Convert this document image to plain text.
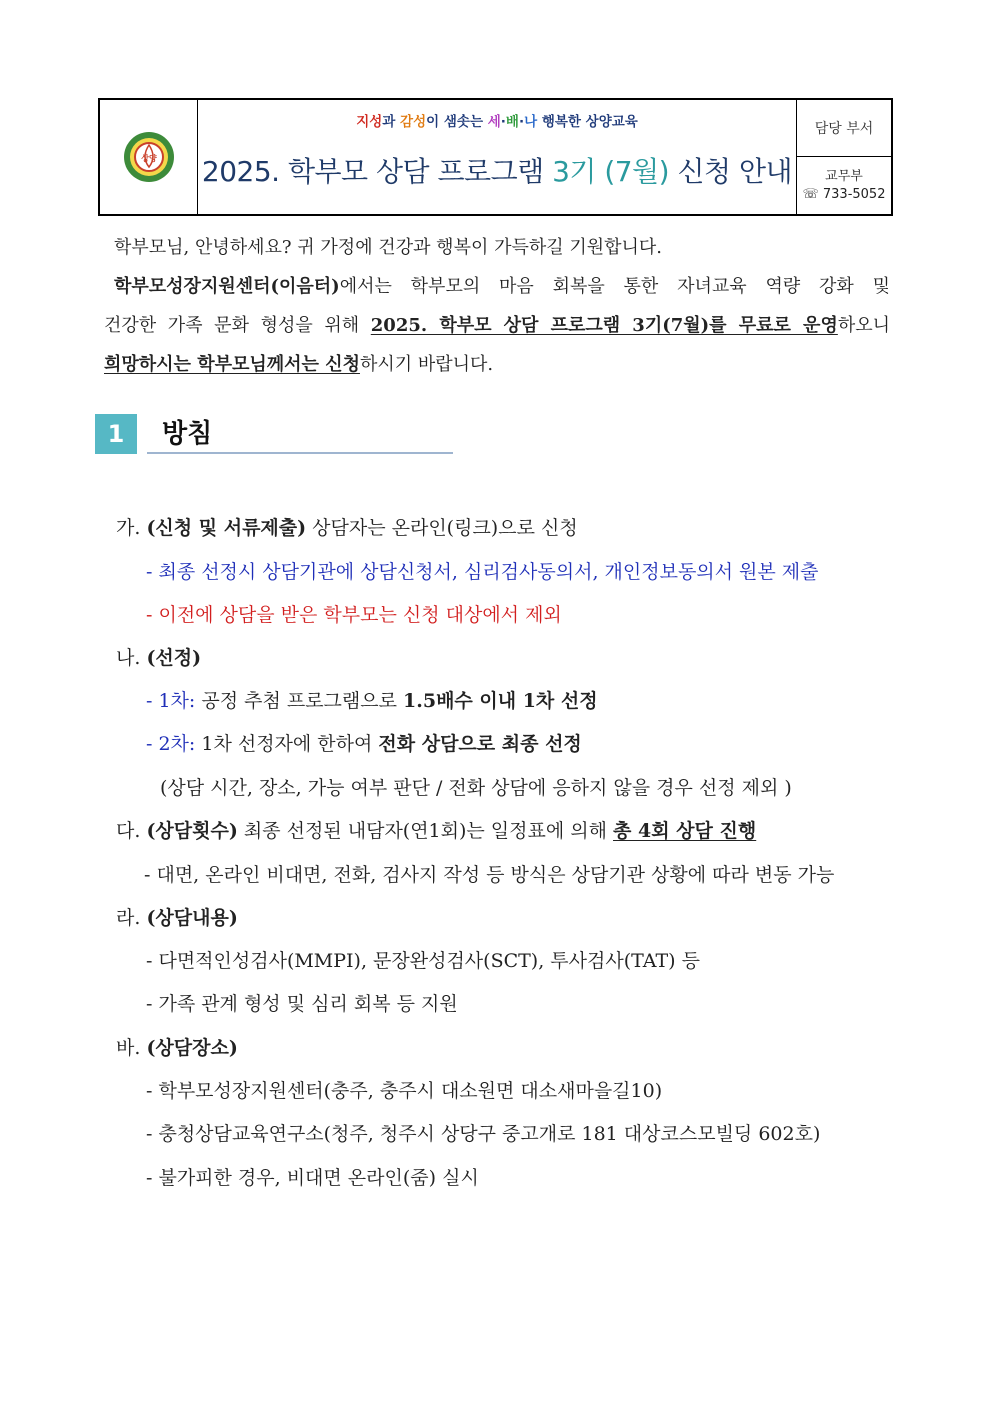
상양
지성과 감성이 샘솟는 세·배·나 행복한 상양교육
2025. 학부모 상담 프로그램 3기 (7월) 신청 안내
담당 부서
교무부
☏ 733-5052

학부모님, 안녕하세요? 귀 가정에 건강과 행복이 가득하길 기원합니다.

학부모성장지원센터(이음터)에서는 학부모의 마음 회복을 통한 자녀교육 역량 강화 및

건강한 가족 문화 형성을 위해 2025. 학부모 상담 프로그램 3기(7월)를 무료로 운영하오니

희망하시는 학부모님께서는 신청하시기 바랍니다.

1	방침
가. (신청 및 서류제출) 상담자는 온라인(링크)으로 신청
- 최종 선정시 상담기관에 상담신청서, 심리검사동의서, 개인정보동의서 원본 제출
- 이전에 상담을 받은 학부모는 신청 대상에서 제외
나. (선정)
- 1차: 공정 추첨 프로그램으로 1.5배수 이내 1차 선정
- 2차: 1차 선정자에 한하여 전화 상담으로 최종 선정
(상담 시간, 장소, 가능 여부 판단 / 전화 상담에 응하지 않을 경우 선정 제외 )
다. (상담횟수) 최종 선정된 내담자(연1회)는 일정표에 의해 총 4회 상담 진행
- 대면, 온라인 비대면, 전화, 검사지 작성 등 방식은 상담기관 상황에 따라 변동 가능
라. (상담내용)
- 다면적인성검사(MMPI), 문장완성검사(SCT), 투사검사(TAT) 등
- 가족 관계 형성 및 심리 회복 등 지원
바. (상담장소)
- 학부모성장지원센터(충주, 충주시 대소원면 대소새마을길10)
- 충청상담교육연구소(청주, 청주시 상당구 중고개로 181 대상코스모빌딩 602호)
- 불가피한 경우, 비대면 온라인(줌) 실시
